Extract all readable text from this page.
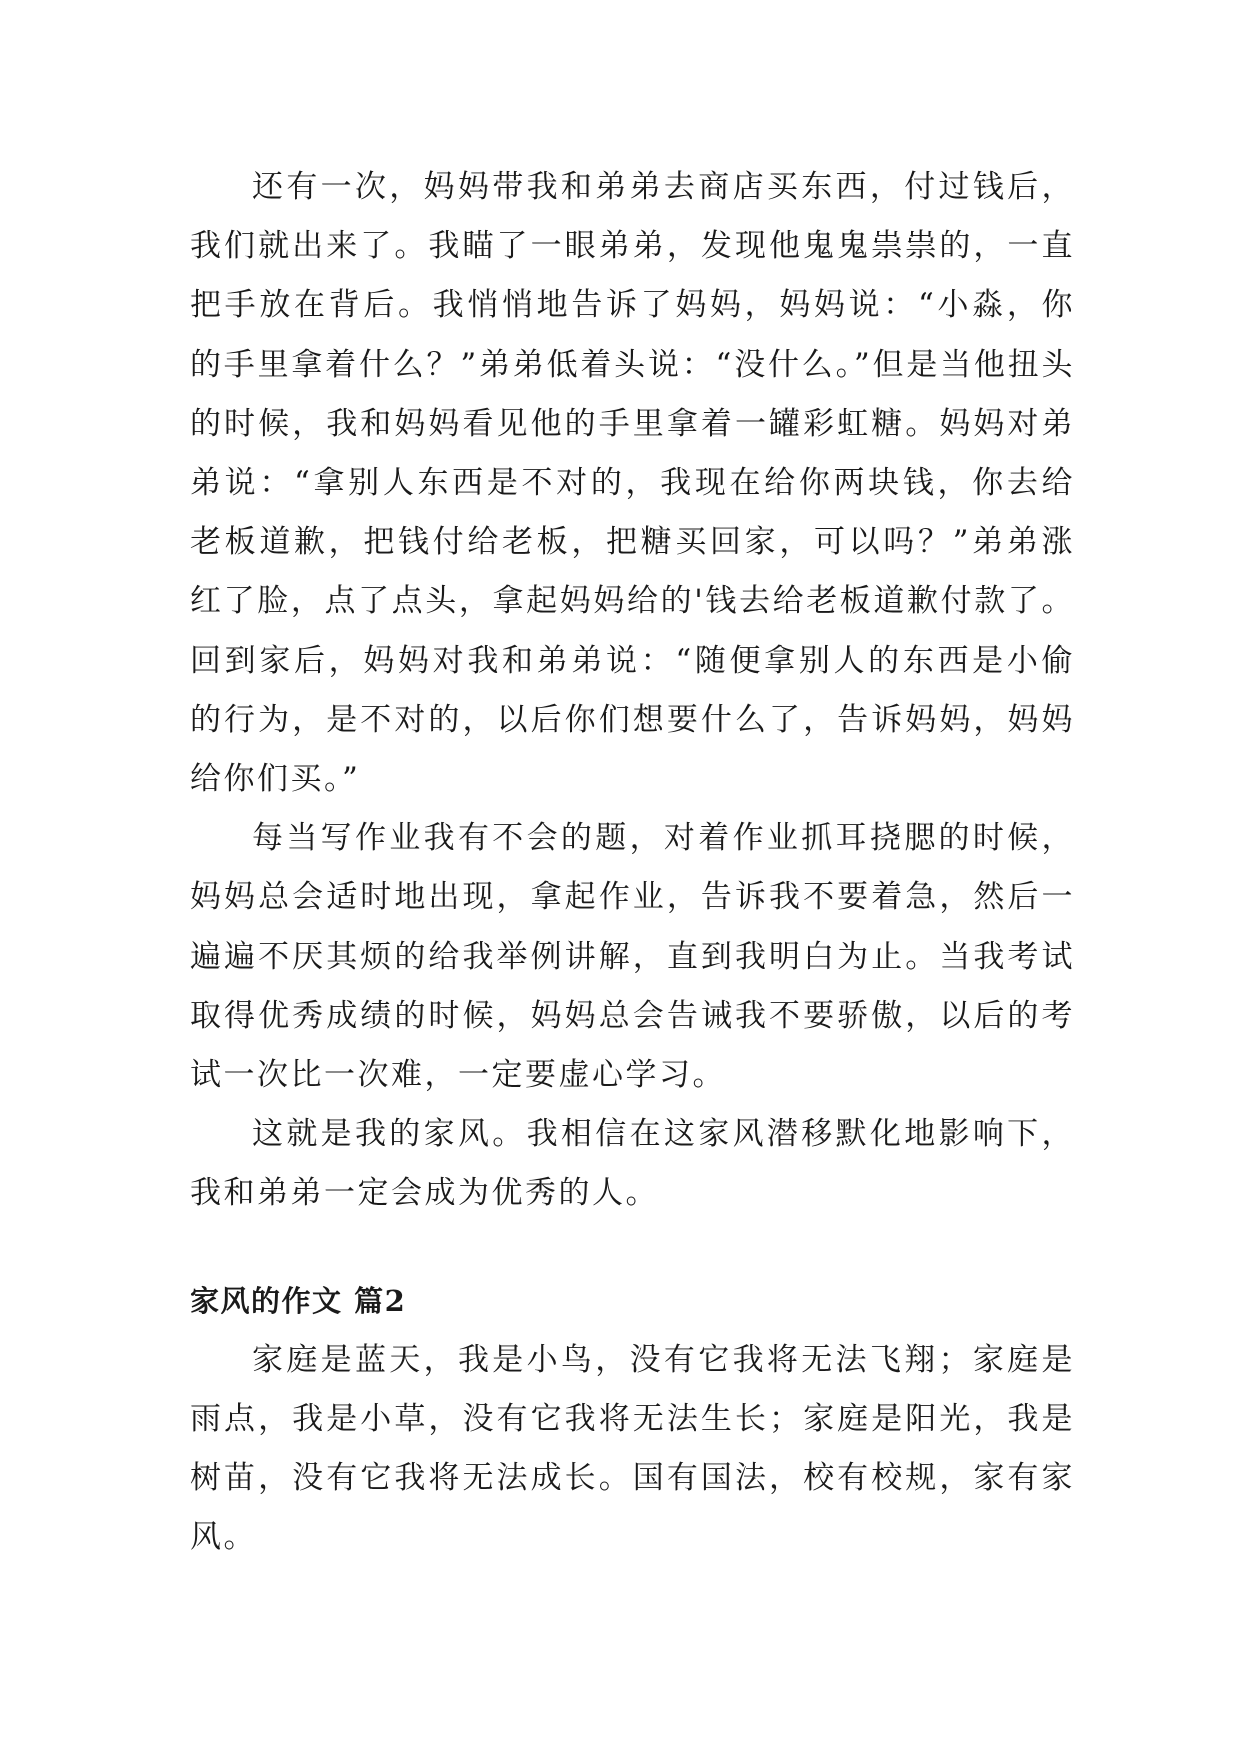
还有一次，妈妈带我和弟弟去商店买东西，付过钱后，我们就出来了。我瞄了一眼弟弟，发现他鬼鬼祟祟的，一直把手放在背后。我悄悄地告诉了妈妈，妈妈说：“小淼，你的手里拿着什么？”弟弟低着头说：“没什么。”但是当他扭头的时候，我和妈妈看见他的手里拿着一罐彩虹糖。妈妈对弟弟说：“拿别人东西是不对的，我现在给你两块钱，你去给老板道歉，把钱付给老板，把糖买回家，可以吗？”弟弟涨红了脸，点了点头，拿起妈妈给的'钱去给老板道歉付款了。回到家后，妈妈对我和弟弟说：“随便拿别人的东西是小偷的行为，是不对的，以后你们想要什么了，告诉妈妈，妈妈给你们买。”

每当写作业我有不会的题，对着作业抓耳挠腮的时候，妈妈总会适时地出现，拿起作业，告诉我不要着急，然后一遍遍不厌其烦的给我举例讲解，直到我明白为止。当我考试取得优秀成绩的时候，妈妈总会告诫我不要骄傲，以后的考试一次比一次难，一定要虚心学习。

这就是我的家风。我相信在这家风潜移默化地影响下，我和弟弟一定会成为优秀的人。

家风的作文 篇2

家庭是蓝天，我是小鸟，没有它我将无法飞翔；家庭是雨点，我是小草，没有它我将无法生长；家庭是阳光，我是树苗，没有它我将无法成长。国有国法，校有校规，家有家风。
